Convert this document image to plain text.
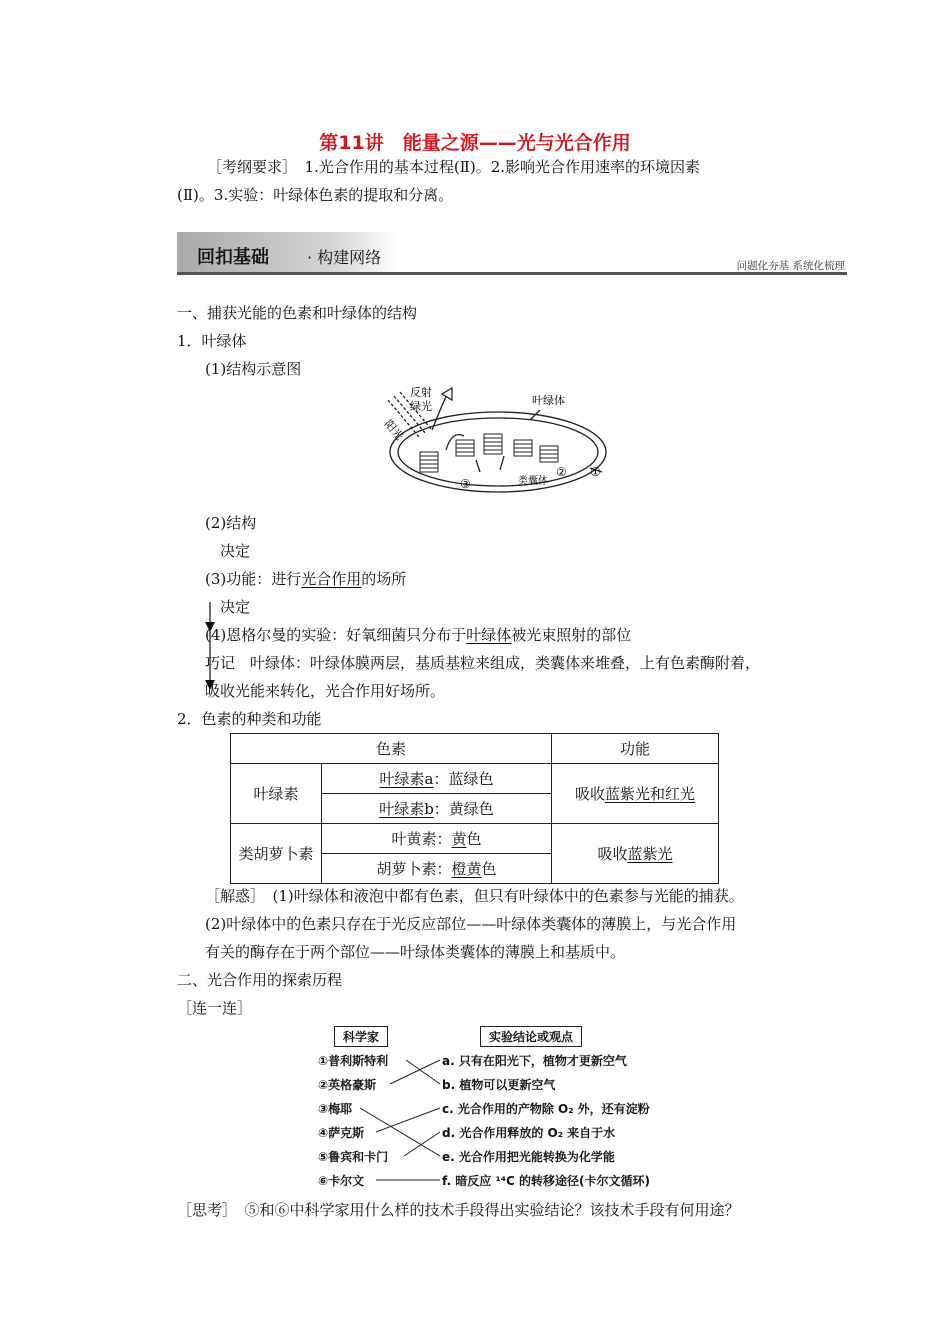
第11讲　能量之源——光与光合作用
［考纲要求］　1.光合作用的基本过程(Ⅱ)。2.影响光合作用速率的环境因素
(Ⅱ)。3.实验：叶绿体色素的提取和分离。
回扣基础 · 构建网络	问题化夯基 系统化梳理
一、捕获光能的色素和叶绿体的结构
1．叶绿体
(1)结构示意图
反射
绿光
阳光
叶绿体
类囊体
③
② ①
(2)结构
决定
(3)功能：进行光合作用的场所
决定
(4)恩格尔曼的实验：好氧细菌只分布于叶绿体被光束照射的部位
巧记　叶绿体：叶绿体膜两层，基质基粒来组成，类囊体来堆叠，上有色素酶附着，
吸收光能来转化，光合作用好场所。
2．色素的种类和功能
色素		功能
叶绿素	叶绿素a：蓝绿色	吸收蓝紫光和红光
	叶绿素b：黄绿色	
类胡萝卜素	叶黄素：黄色	吸收蓝紫光
	胡萝卜素：橙黄色	
［解惑］　(1)叶绿体和液泡中都有色素，但只有叶绿体中的色素参与光能的捕获。
(2)叶绿体中的色素只存在于光反应部位——叶绿体类囊体的薄膜上，与光合作用
有关的酶存在于两个部位——叶绿体类囊体的薄膜上和基质中。
二、光合作用的探索历程
［连一连］
科学家	实验结论或观点
①普利斯特利
②英格豪斯
③梅耶
④萨克斯
⑤鲁宾和卡门
⑥卡尔文
a. 只有在阳光下，植物才更新空气
b. 植物可以更新空气
c. 光合作用的产物除 O₂ 外，还有淀粉
d. 光合作用释放的 O₂ 来自于水
e. 光合作用把光能转换为化学能
f. 暗反应 ¹⁴C 的转移途径(卡尔文循环)
［思考］　⑤和⑥中科学家用什么样的技术手段得出实验结论？该技术手段有何用途？
